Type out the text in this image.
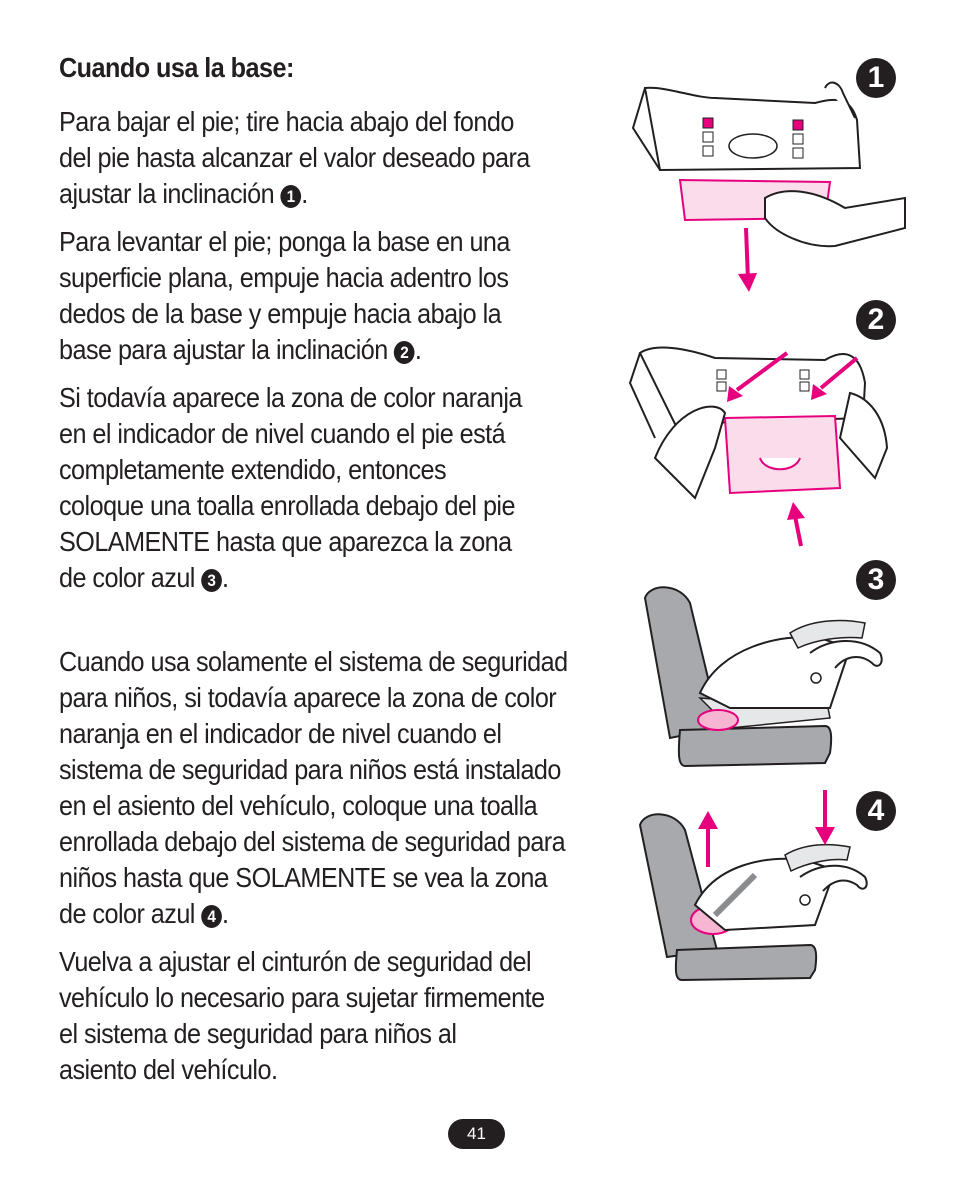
Cuando usa la base:

Para bajar el pie; tire hacia abajo del fondo
del pie hasta alcanzar el valor deseado para
ajustar la inclinación 1 .

Para levantar el pie; ponga la base en una
superficie plana, empuje hacia adentro los
dedos de la base y empuje hacia abajo la
base para ajustar la inclinación 2 .

Si todavía aparece la zona de color naranja
en el indicador de nivel cuando el pie está
completamente extendido, entonces
coloque una toalla enrollada debajo del pie
SOLAMENTE hasta que aparezca la zona
de color azul 3 .

Cuando usa solamente el sistema de seguridad
para niños, si todavía aparece la zona de color
naranja en el indicador de nivel cuando el
sistema de seguridad para niños está instalado
en el asiento del vehículo, coloque una toalla
enrollada debajo del sistema de seguridad para
niños hasta que SOLAMENTE se vea la zona
de color azul 4 .

Vuelva a ajustar el cinturón de seguridad del
vehículo lo necesario para sujetar firmemente
el sistema de seguridad para niños al
asiento del vehículo.

1
2
3
4
41
